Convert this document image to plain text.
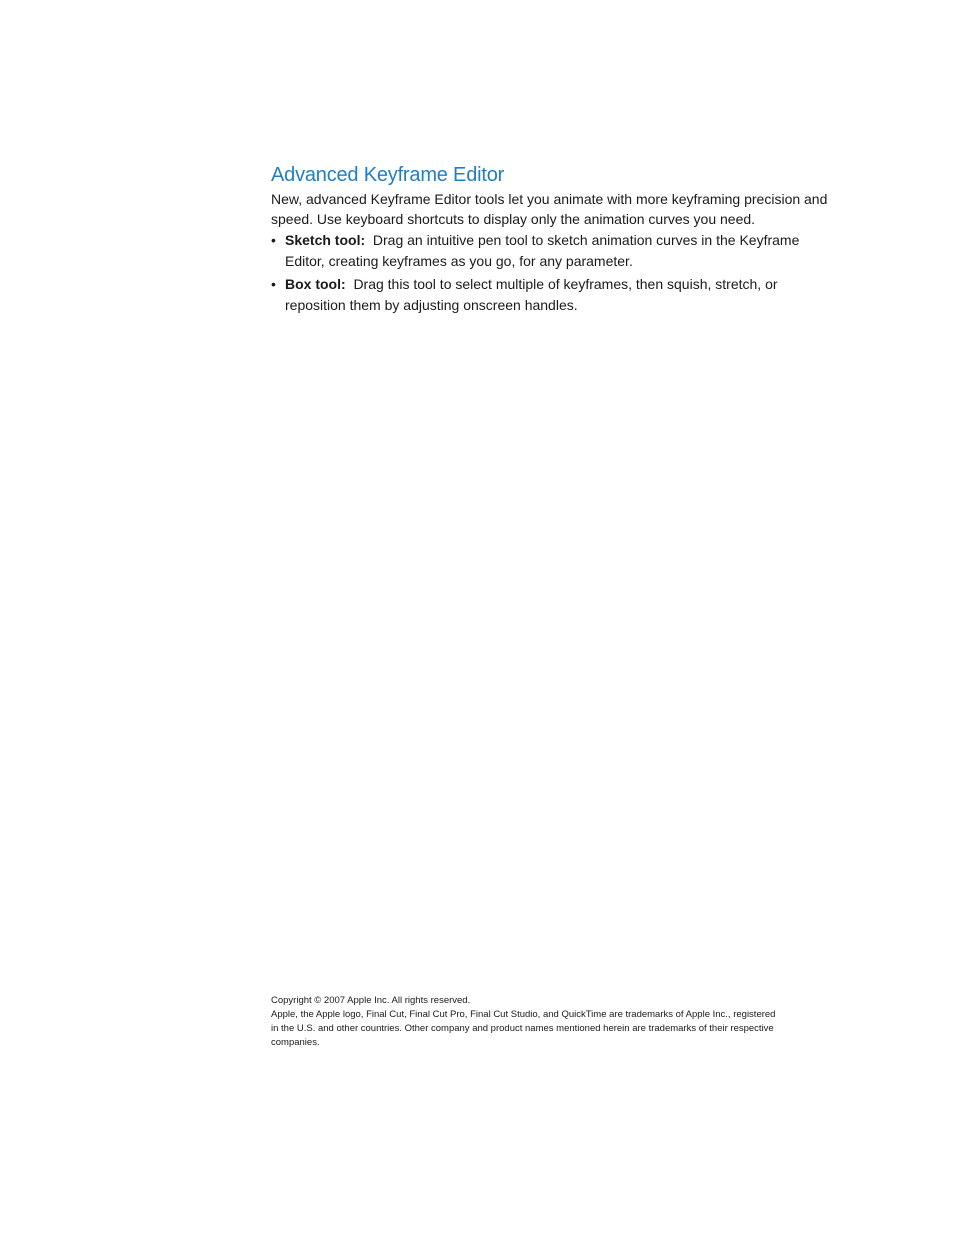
Advanced Keyframe Editor

New, advanced Keyframe Editor tools let you animate with more keyframing precision and speed. Use keyboard shortcuts to display only the animation curves you need.

• Sketch tool: Drag an intuitive pen tool to sketch animation curves in the Keyframe Editor, creating keyframes as you go, for any parameter.
• Box tool: Drag this tool to select multiple of keyframes, then squish, stretch, or reposition them by adjusting onscreen handles.

Copyright © 2007 Apple Inc. All rights reserved.

Apple, the Apple logo, Final Cut, Final Cut Pro, Final Cut Studio, and QuickTime are trademarks of Apple Inc., registered in the U.S. and other countries. Other company and product names mentioned herein are trademarks of their respective companies.
